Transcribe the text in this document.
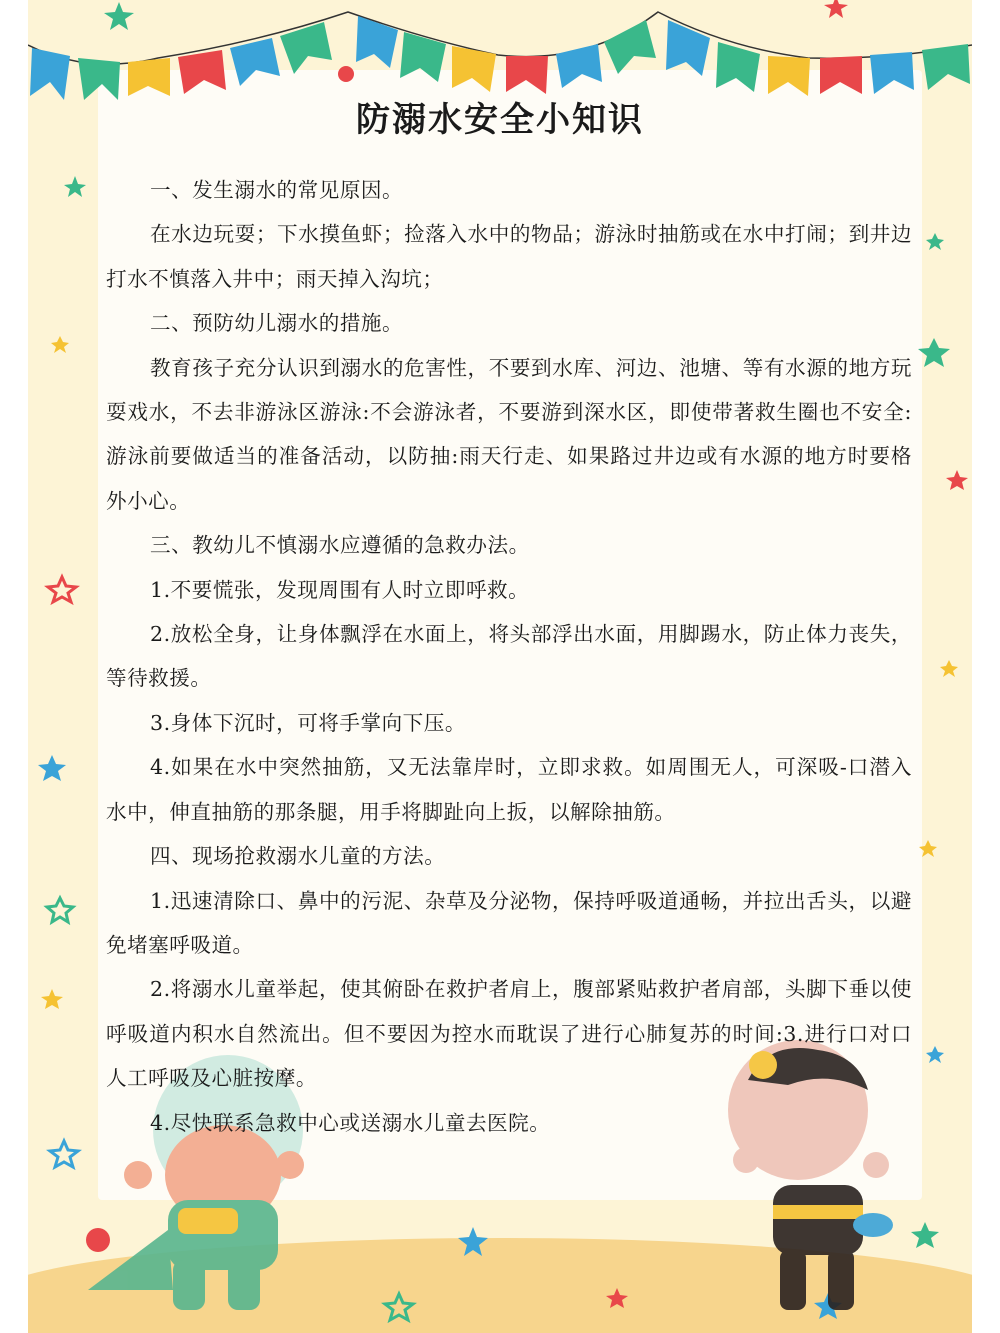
防溺水安全小知识

一、发生溺水的常见原因。

在水边玩耍；下水摸鱼虾；捡落入水中的物品；游泳时抽筋或在水中打闹；到井边打水不慎落入井中；雨天掉入沟坑；

二、预防幼儿溺水的措施。

教育孩子充分认识到溺水的危害性，不要到水库、河边、池塘、等有水源的地方玩耍戏水，不去非游泳区游泳:不会游泳者，不要游到深水区，即使带著救生圈也不安全:游泳前要做适当的准备活动，以防抽:雨天行走、如果路过井边或有水源的地方时要格外小心。

三、教幼儿不慎溺水应遵循的急救办法。

1.不要慌张，发现周围有人时立即呼救。

2.放松全身，让身体飘浮在水面上，将头部浮出水面，用脚踢水，防止体力丧失，等待救援。

3.身体下沉时，可将手掌向下压。

4.如果在水中突然抽筋，又无法靠岸时，立即求救。如周围无人，可深吸-口潜入水中，伸直抽筋的那条腿，用手将脚趾向上扳，以解除抽筋。

四、现场抢救溺水儿童的方法。

1.迅速清除口、鼻中的污泥、杂草及分泌物，保持呼吸道通畅，并拉出舌头，以避免堵塞呼吸道。

2.将溺水儿童举起，使其俯卧在救护者肩上，腹部紧贴救护者肩部，头脚下垂以使呼吸道内积水自然流出。但不要因为控水而耽误了进行心肺复苏的时间:3.进行口对口人工呼吸及心脏按摩。

4.尽快联系急救中心或送溺水儿童去医院。
